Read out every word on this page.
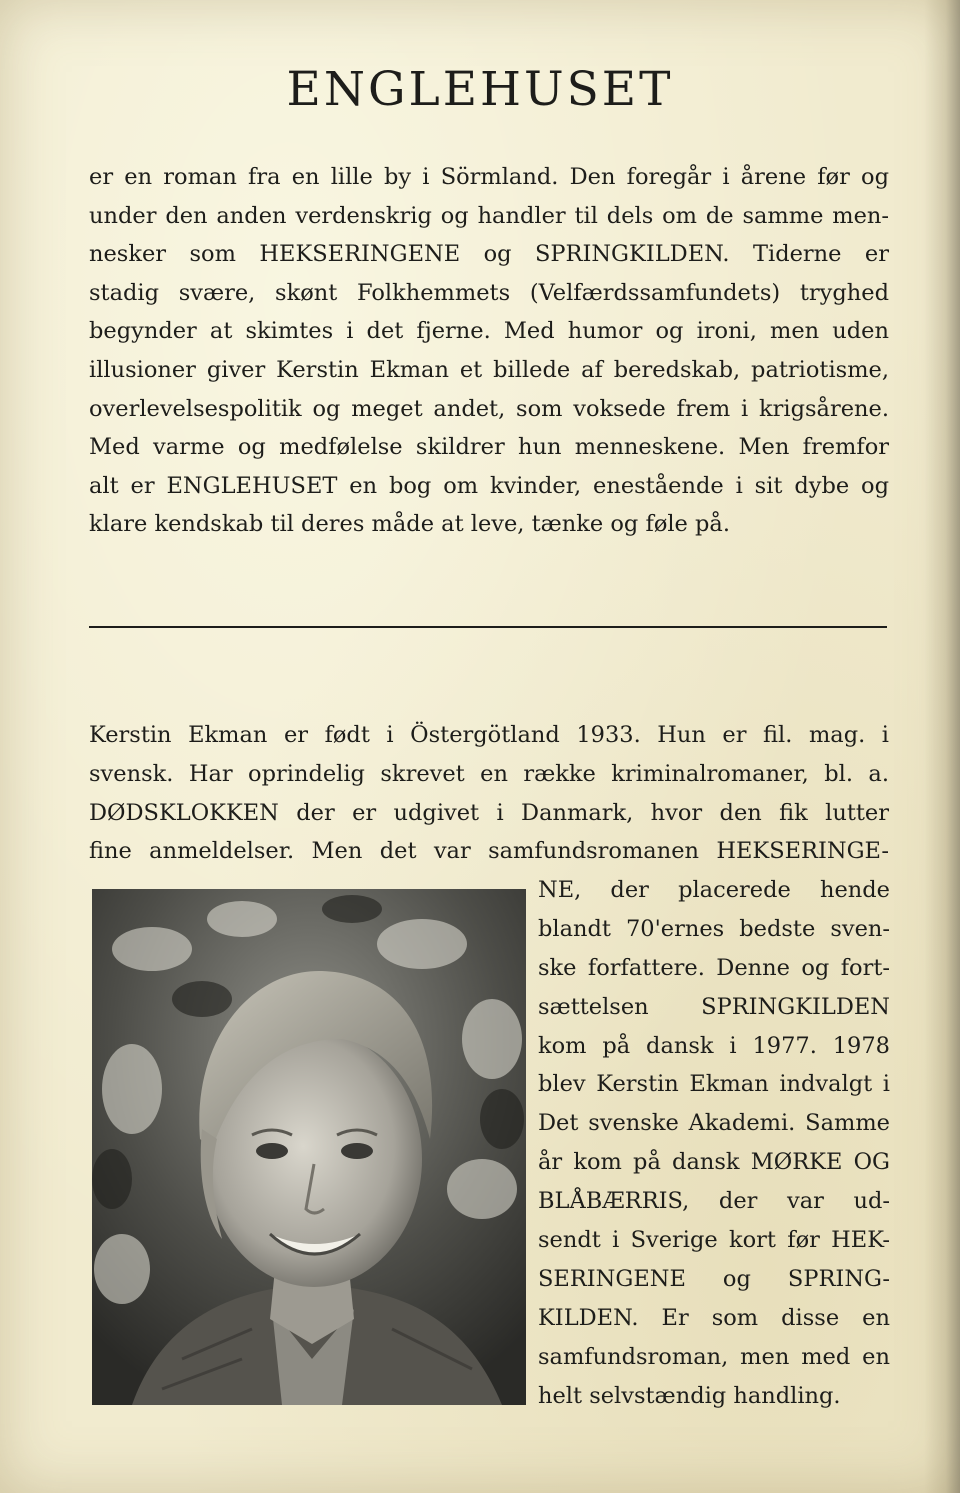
ENGLEHUSET
er en roman fra en lille by i Sörmland. Den foregår i årene før og
under den anden verdenskrig og handler til dels om de samme men-
nesker som HEKSERINGENE og SPRINGKILDEN. Tiderne er
stadig svære, skønt Folkhemmets (Velfærdssamfundets) tryghed
begynder at skimtes i det fjerne. Med humor og ironi, men uden
illusioner giver Kerstin Ekman et billede af beredskab, patriotisme,
overlevelsespolitik og meget andet, som voksede frem i krigsårene.
Med varme og medfølelse skildrer hun menneskene. Men fremfor
alt er ENGLEHUSET en bog om kvinder, enestående i sit dybe og
klare kendskab til deres måde at leve, tænke og føle på.
Kerstin Ekman er født i Östergötland 1933. Hun er fil. mag. i
svensk. Har oprindelig skrevet en række kriminalromaner, bl. a.
DØDSKLOKKEN der er udgivet i Danmark, hvor den fik lutter
fine anmeldelser. Men det var samfundsromanen HEKSERINGE-
NE, der placerede hende
blandt 70'ernes bedste sven-
ske forfattere. Denne og fort-
sættelsen SPRINGKILDEN
kom på dansk i 1977. 1978
blev Kerstin Ekman indvalgt i
Det svenske Akademi. Samme
år kom på dansk MØRKE OG
BLÅBÆRRIS, der var ud-
sendt i Sverige kort før HEK-
SERINGENE og SPRING-
KILDEN. Er som disse en
samfundsroman, men med en
helt selvstændig handling.
